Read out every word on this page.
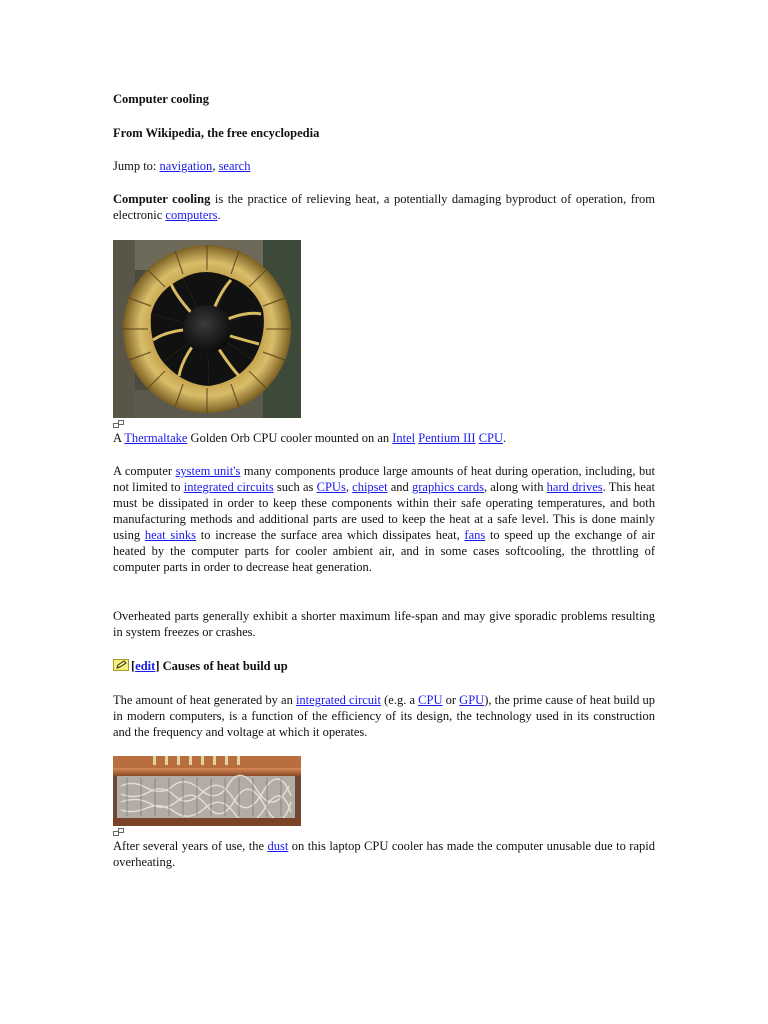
Computer cooling

From Wikipedia, the free encyclopedia

Jump to: navigation, search

Computer cooling is the practice of relieving heat, a potentially damaging byproduct of operation, from electronic computers.

A Thermaltake Golden Orb CPU cooler mounted on an Intel Pentium III CPU.

A computer system unit's many components produce large amounts of heat during operation, including, but not limited to integrated circuits such as CPUs, chipset and graphics cards, along with hard drives. This heat must be dissipated in order to keep these components within their safe operating temperatures, and both manufacturing methods and additional parts are used to keep the heat at a safe level. This is done mainly using heat sinks to increase the surface area which dissipates heat, fans to speed up the exchange of air heated by the computer parts for cooler ambient air, and in some cases softcooling, the throttling of computer parts in order to decrease heat generation.

Overheated parts generally exhibit a shorter maximum life-span and may give sporadic problems resulting in system freezes or crashes.

[edit] Causes of heat build up

The amount of heat generated by an integrated circuit (e.g. a CPU or GPU), the prime cause of heat build up in modern computers, is a function of the efficiency of its design, the technology used in its construction and the frequency and voltage at which it operates.

After several years of use, the dust on this laptop CPU cooler has made the computer unusable due to rapid overheating.
